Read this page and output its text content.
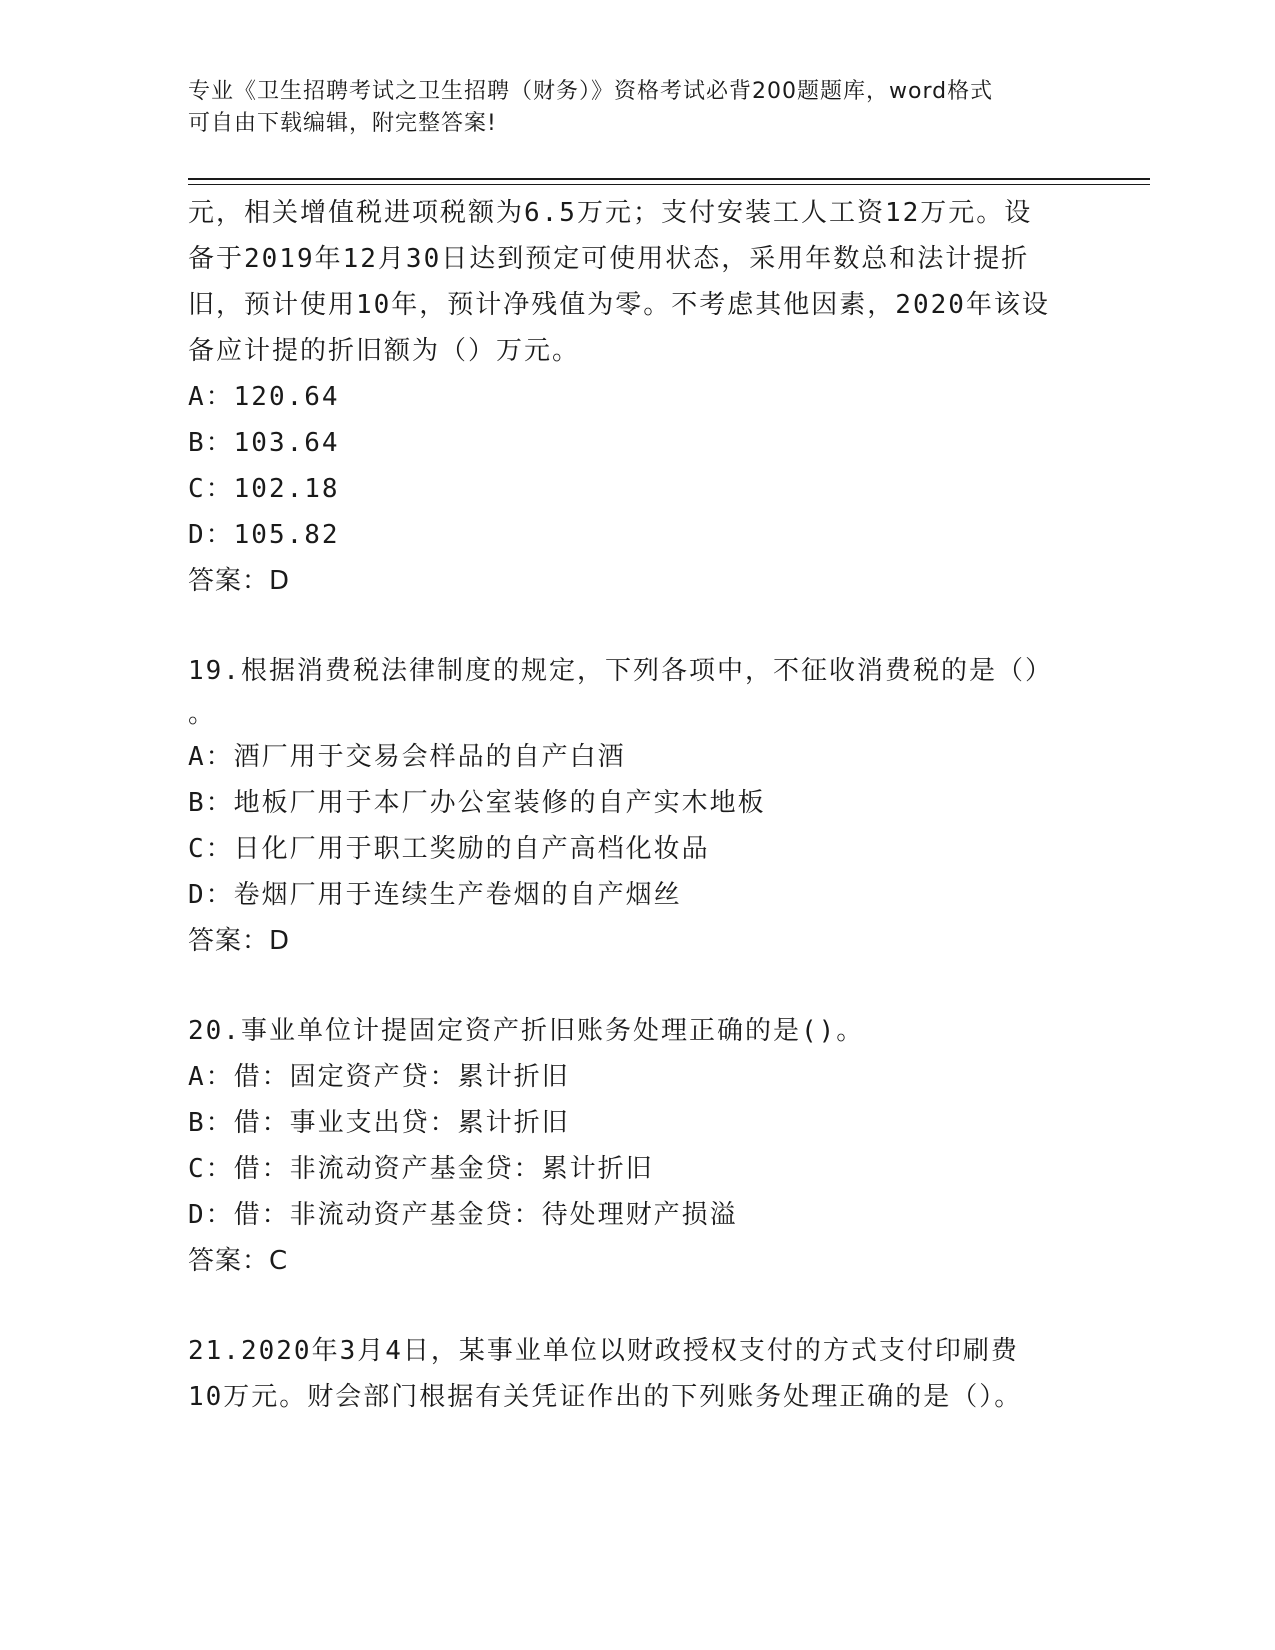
专业《卫生招聘考试之卫生招聘（财务）》资格考试必背200题题库，word格式
可自由下载编辑，附完整答案!
元，相关增值税进项税额为6.5万元；支付安装工人工资12万元。设
备于2019年12月30日达到预定可使用状态，采用年数总和法计提折
旧，预计使用10年，预计净残值为零。不考虑其他因素，2020年该设
备应计提的折旧额为（）万元。
A：120.64
B：103.64
C：102.18
D：105.82
答案：D
19.根据消费税法律制度的规定，下列各项中，不征收消费税的是（）
。
A：酒厂用于交易会样品的自产白酒
B：地板厂用于本厂办公室装修的自产实木地板
C：日化厂用于职工奖励的自产高档化妆品
D：卷烟厂用于连续生产卷烟的自产烟丝
答案：D
20.事业单位计提固定资产折旧账务处理正确的是()。
A：借：固定资产贷：累计折旧
B：借：事业支出贷：累计折旧
C：借：非流动资产基金贷：累计折旧
D：借：非流动资产基金贷：待处理财产损溢
答案：C
21.2020年3月4日，某事业单位以财政授权支付的方式支付印刷费
10万元。财会部门根据有关凭证作出的下列账务处理正确的是（）。
